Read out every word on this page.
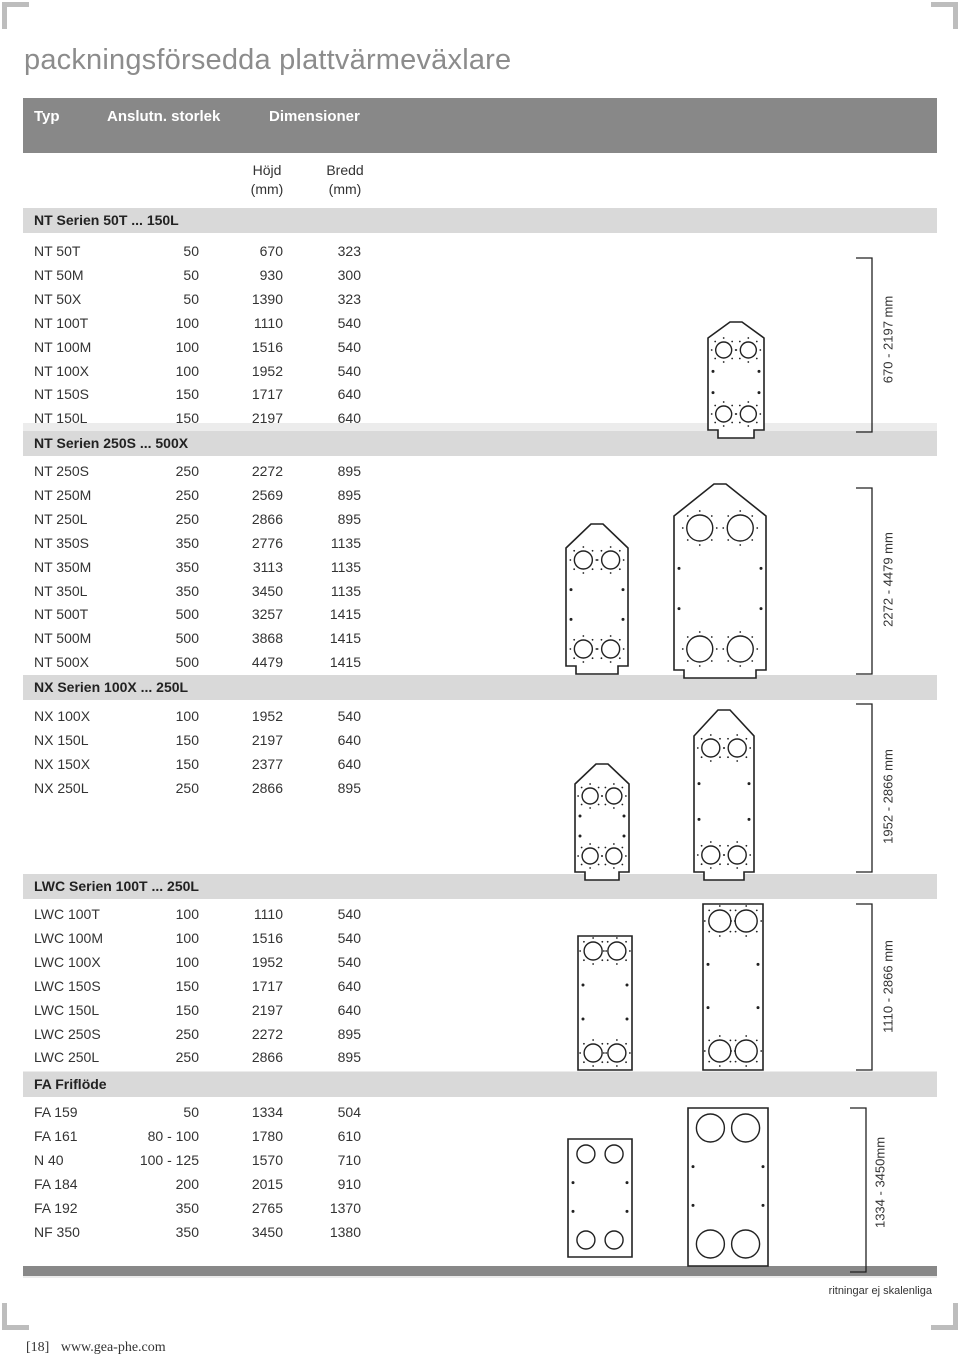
packningsförsedda plattvärmeväxlare
Typ	Anslutn. storlek	Dimensioner
Höjd
(mm)
Bredd
(mm)
NT Serien 50T ... 150L
NT 50T	50	670	323
NT 50M	50	930	300
NT 50X	50	1390	323
NT 100T	100	1110	540
NT 100M	100	1516	540
NT 100X	100	1952	540
NT 150S	150	1717	640
NT 150L	150	2197	640
NT Serien 250S ... 500X
NT 250S	250	2272	895
NT 250M	250	2569	895
NT 250L	250	2866	895
NT 350S	350	2776	1135
NT 350M	350	3113	1135
NT 350L	350	3450	1135
NT 500T	500	3257	1415
NT 500M	500	3868	1415
NT 500X	500	4479	1415
NX Serien 100X ... 250L
NX 100X	100	1952	540
NX 150L	150	2197	640
NX 150X	150	2377	640
NX 250L	250	2866	895
LWC Serien 100T ... 250L
LWC 100T	100	1110	540
LWC 100M	100	1516	540
LWC 100X	100	1952	540
LWC 150S	150	1717	640
LWC 150L	150	2197	640
LWC 250S	250	2272	895
LWC 250L	250	2866	895
FA Friflöde
FA 159	50	1334	504
FA 161	80 - 100	1780	610
N 40	100 - 125	1570	710
FA 184	200	2015	910
FA 192	350	2765	1370
NF 350	350	3450	1380
670 - 2197 mm
2272 - 4479 mm
1952 - 2866 mm
1110 - 2866 mm
1334 - 3450mm
ritningar ej skalenliga
[18] www.gea-phe.com
